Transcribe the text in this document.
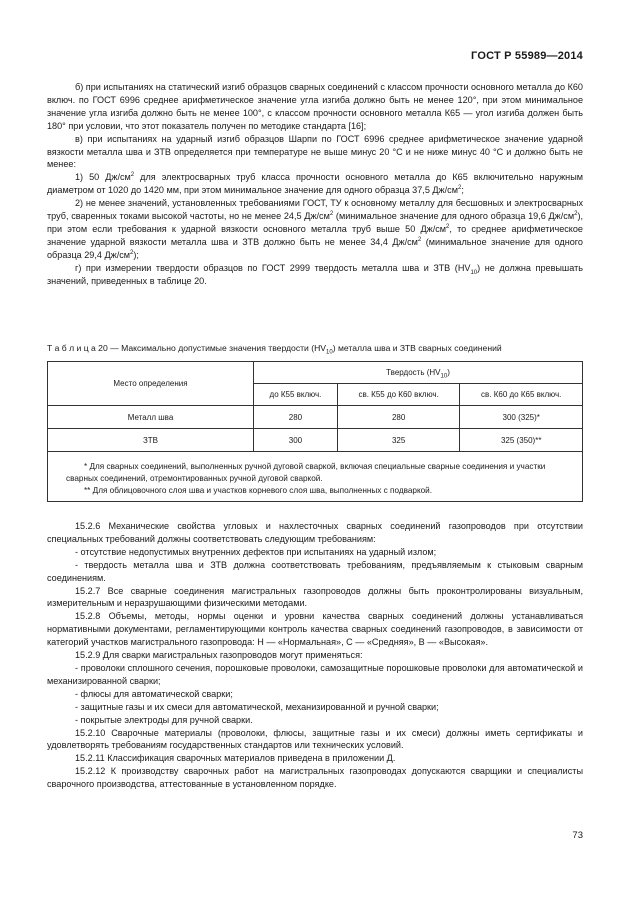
ГОСТ Р 55989—2014

б) при испытаниях на статический изгиб образцов сварных соединений с классом прочности основного металла до К60 включ. по ГОСТ 6996 среднее арифметическое значение угла изгиба должно быть не менее 120°, при этом минимальное значение угла изгиба должно быть не менее 100°, с классом прочности основного металла К65 — угол изгиба должен быть 180° при условии, что этот показатель получен по методике стандарта [16];

в) при испытаниях на ударный изгиб образцов Шарпи по ГОСТ 6996 среднее арифметическое значение ударной вязкости металла шва и ЗТВ определяется при температуре не выше минус 20 °С и не ниже минус 40 °С и должно быть не менее:

1) 50 $Дж/см^2$ для электросварных труб класса прочности основного металла до К65 включительно наружным диаметром от 1020 до 1420 мм, при этом минимальное значение для одного образца 37,5 $Дж/см^2$;

2) не менее значений, установленных требованиями ГОСТ, ТУ к основному металлу для бесшовных и электросварных труб, сваренных токами высокой частоты, но не менее 24,5 $Дж/см^2$ (минимальное значение для одного образца 19,6 $Дж/см^2$), при этом если требования к ударной вязкости основного металла труб выше 50 $Дж/см^2$, то среднее арифметическое значение ударной вязкости металла шва и ЗТВ должно быть не менее 34,4 $Дж/см^2$ (минимальное значение для одного образца 29,4 $Дж/см^2$);

г) при измерении твердости образцов по ГОСТ 2999 твердость металла шва и ЗТВ $(HV_{10})$ не должна превышать значений, приведенных в таблице 20.

Т а б л и ц а 20 — Максимально допустимые значения твердости $(HV_{10})$ металла шва и ЗТВ сварных соединений
Место определения	Твердость $(HV_{10})$		
	до К55 включ.	св. К55 до К60 включ.	св. К60 до К65 включ.
Металл шва	280	280	300 (325)*
ЗТВ	300	325	325 (350)**

* Для сварных соединений, выполненных ручной дуговой сваркой, включая специальные сварные соединения и участки сварных соединений, отремонтированных ручной дуговой сваркой.
** Для облицовочного слоя шва и участков корневого слоя шва, выполненных с подваркой.			

15.2.6 Механические свойства угловых и нахлесточных сварных соединений газопроводов при отсутствии специальных требований должны соответствовать следующим требованиям:

- отсутствие недопустимых внутренних дефектов при испытаниях на ударный излом;

- твердость металла шва и ЗТВ должна соответствовать требованиям, предъявляемым к стыковым сварным соединениям.

15.2.7 Все сварные соединения магистральных газопроводов должны быть проконтролированы визуальным, измерительным и неразрушающими физическими методами.

15.2.8 Объемы, методы, нормы оценки и уровни качества сварных соединений должны устанавливаться нормативными документами, регламентирующими контроль качества сварных соединений газопроводов, в зависимости от категорий участков магистрального газопровода: Н — «Нормальная», С — «Средняя», В — «Высокая».

15.2.9 Для сварки магистральных газопроводов могут применяться:

- проволоки сплошного сечения, порошковые проволоки, самозащитные порошковые проволоки для автоматической и механизированной сварки;

- флюсы для автоматической сварки;

- защитные газы и их смеси для автоматической, механизированной и ручной сварки;

- покрытые электроды для ручной сварки.

15.2.10 Сварочные материалы (проволоки, флюсы, защитные газы и их смеси) должны иметь сертификаты и удовлетворять требованиям государственных стандартов или технических условий.

15.2.11 Классификация сварочных материалов приведена в приложении Д.

15.2.12 К производству сварочных работ на магистральных газопроводах допускаются сварщики и специалисты сварочного производства, аттестованные в установленном порядке.

73
